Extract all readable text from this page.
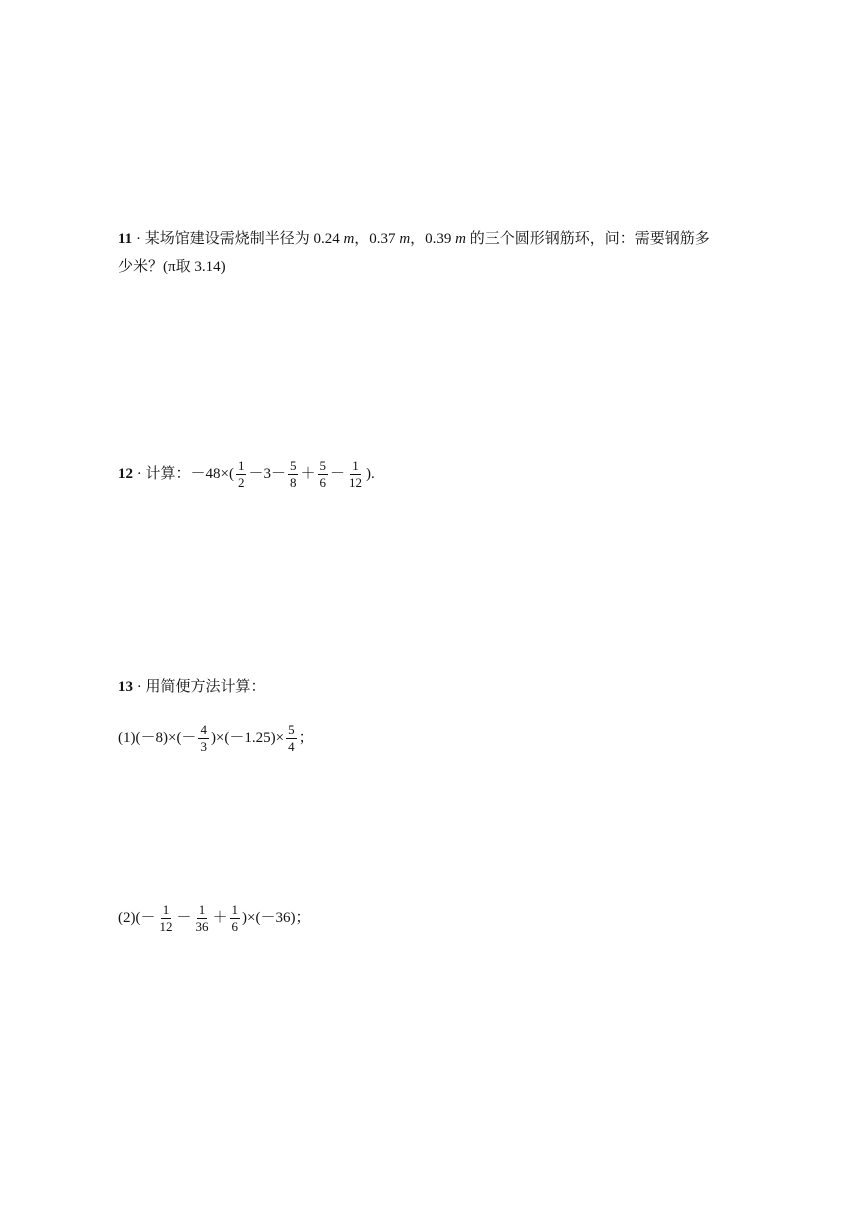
11 · 某场馆建设需烧制半径为 0.24 m，0.37 m，0.39 m 的三个圆形钢筋环，问：需要钢筋多
少米？(π取 3.14)
12 · 计算：$-48\times( \frac{1}{2} -3- \frac{5}{8} + \frac{5}{6} - \frac{1}{12}$ ).
13 · 用简便方法计算：
$(1)(-8)\times(- \frac{4}{3} )\times(-1.25)\times \frac{5}{4}$ ；
$(2)(- \frac{1}{12} - \frac{1}{36} + \frac{1}{6} )\times(-36)$；
